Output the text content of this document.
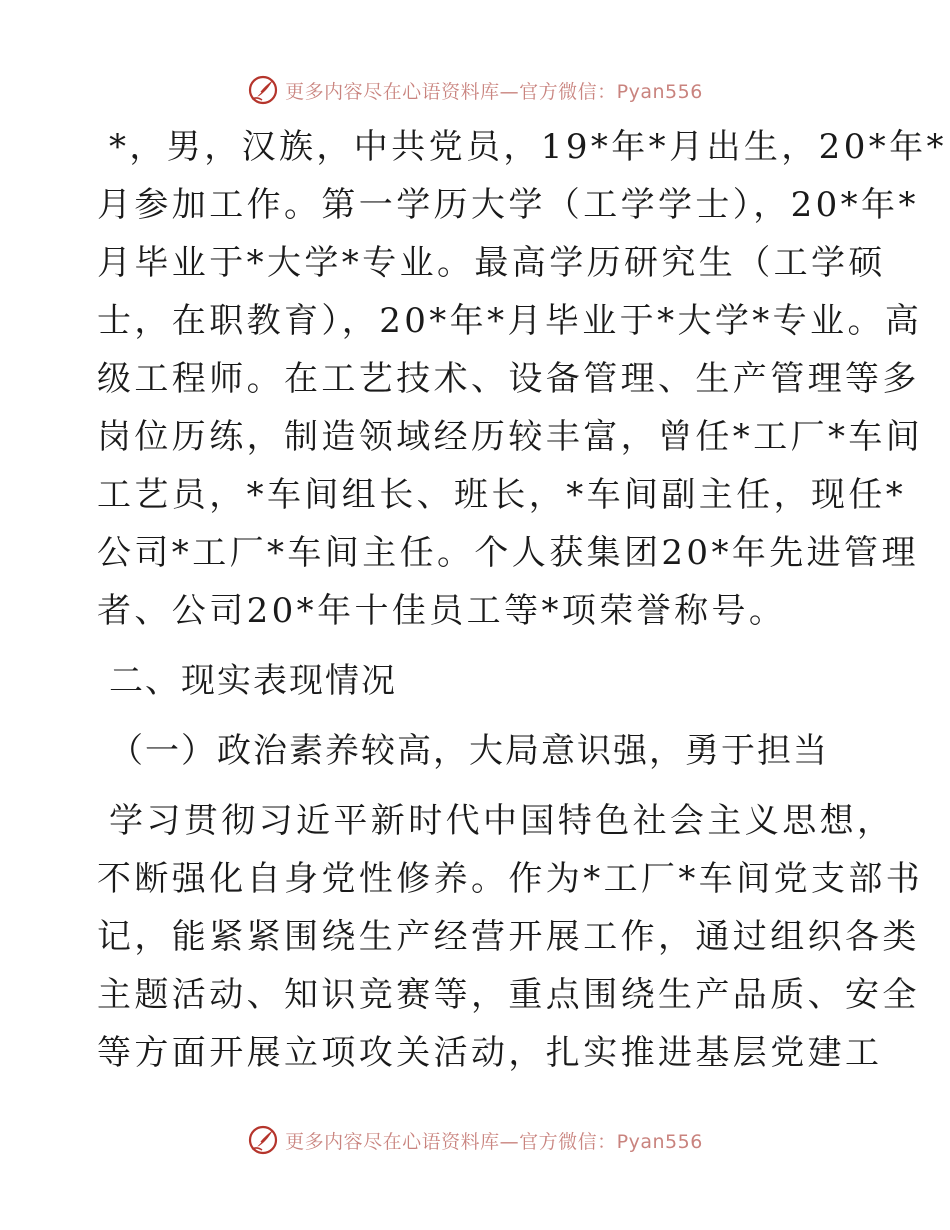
更多内容尽在心语资料库—官方微信：Pyan556
*，男，汉族，中共党员，19*年*月出生，20*年*
月参加工作。第一学历大学（工学学士），20*年*
月毕业于*大学*专业。最高学历研究生（工学硕
士，在职教育），20*年*月毕业于*大学*专业。高
级工程师。在工艺技术、设备管理、生产管理等多
岗位历练，制造领域经历较丰富，曾任*工厂*车间
工艺员，*车间组长、班长，*车间副主任，现任*
公司*工厂*车间主任。个人获集团20*年先进管理
者、公司20*年十佳员工等*项荣誉称号。
二、现实表现情况
（一）政治素养较高，大局意识强，勇于担当
学习贯彻习近平新时代中国特色社会主义思想，
不断强化自身党性修养。作为*工厂*车间党支部书
记，能紧紧围绕生产经营开展工作，通过组织各类
主题活动、知识竞赛等，重点围绕生产品质、安全
等方面开展立项攻关活动，扎实推进基层党建工
更多内容尽在心语资料库—官方微信：Pyan556
